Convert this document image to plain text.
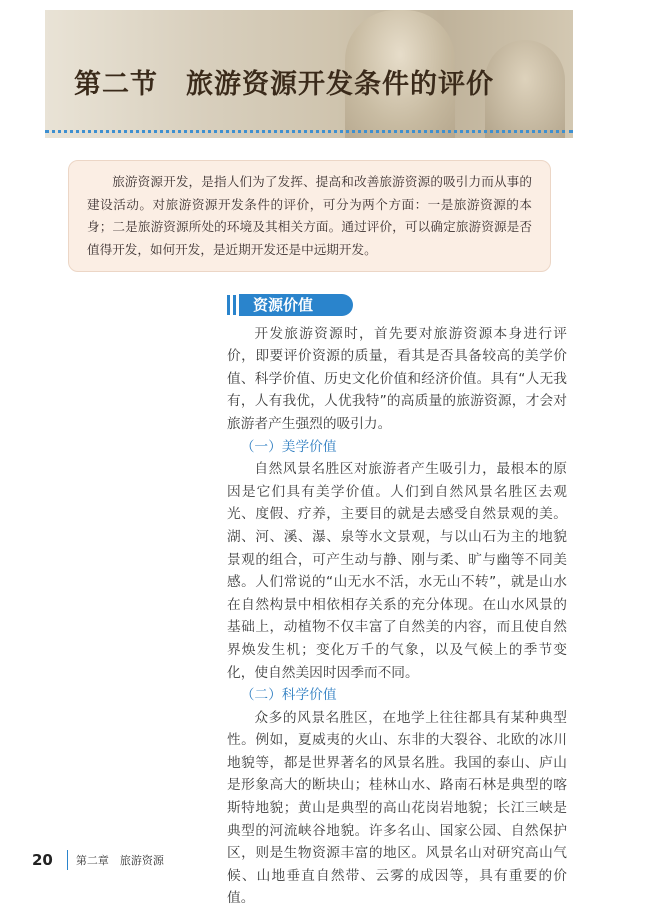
第二节　旅游资源开发条件的评价
旅游资源开发，是指人们为了发挥、提高和改善旅游资源的吸引力而从事的建设活动。对旅游资源开发条件的评价，可分为两个方面：一是旅游资源的本身；二是旅游资源所处的环境及其相关方面。通过评价，可以确定旅游资源是否值得开发，如何开发，是近期开发还是中远期开发。
资源价值

开发旅游资源时，首先要对旅游资源本身进行评价，即要评价资源的质量，看其是否具备较高的美学价值、科学价值、历史文化价值和经济价值。具有“人无我有，人有我优，人优我特”的高质量的旅游资源，才会对旅游者产生强烈的吸引力。

（一）美学价值

自然风景名胜区对旅游者产生吸引力，最根本的原因是它们具有美学价值。人们到自然风景名胜区去观光、度假、疗养，主要目的就是去感受自然景观的美。湖、河、溪、瀑、泉等水文景观，与以山石为主的地貌景观的组合，可产生动与静、刚与柔、旷与幽等不同美感。人们常说的“山无水不活，水无山不转”，就是山水在自然构景中相依相存关系的充分体现。在山水风景的基础上，动植物不仅丰富了自然美的内容，而且使自然界焕发生机；变化万千的气象，以及气候上的季节变化，使自然美因时因季而不同。

（二）科学价值

众多的风景名胜区，在地学上往往都具有某种典型性。例如，夏威夷的火山、东非的大裂谷、北欧的冰川地貌等，都是世界著名的风景名胜。我国的泰山、庐山是形象高大的断块山；桂林山水、路南石林是典型的喀斯特地貌；黄山是典型的高山花岗岩地貌；长江三峡是典型的河流峡谷地貌。许多名山、国家公园、自然保护区，则是生物资源丰富的地区。风景名山对研究高山气候、山地垂直自然带、云雾的成因等，具有重要的价值。

20 第二章　旅游资源
